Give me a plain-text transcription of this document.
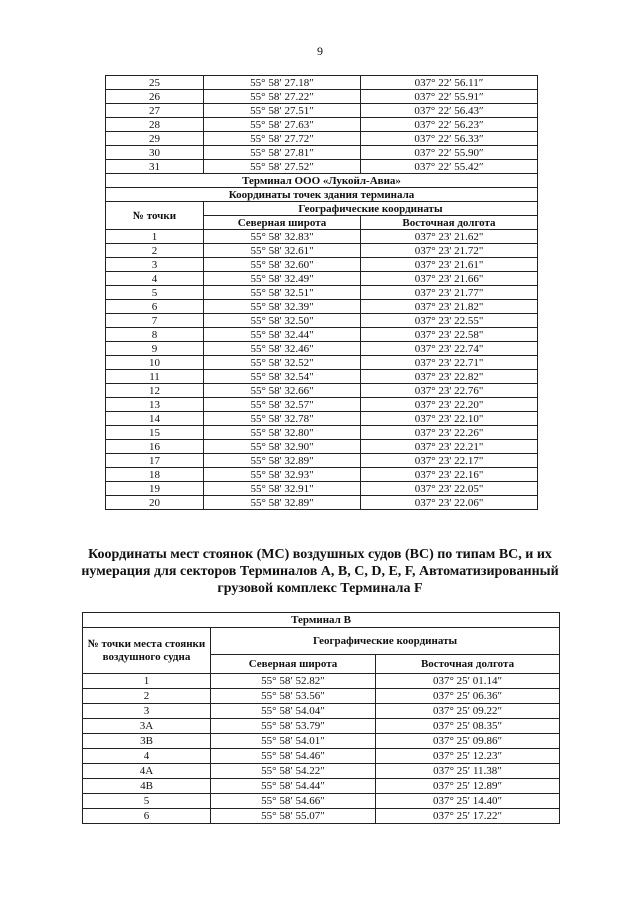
9
25	55° 58′ 27.18″	037° 22′ 56.11″
26	55° 58′ 27.22″	037° 22′ 55.91″
27	55° 58′ 27.51″	037° 22′ 56.43″
28	55° 58′ 27.63″	037° 22′ 56.23″
29	55° 58′ 27.72″	037° 22′ 56.33″
30	55° 58′ 27.81″	037° 22′ 55.90″
31	55° 58′ 27.52″	037° 22′ 55.42″
Терминал ООО «Лукойл-Авиа»		
Координаты точек здания терминала		
№ точки	Географические координаты	
	Северная широта	Восточная долгота
1	55° 58' 32.83"	037° 23' 21.62"
2	55° 58' 32.61"	037° 23' 21.72"
3	55° 58' 32.60"	037° 23' 21.61"
4	55° 58' 32.49"	037° 23' 21.66"
5	55° 58' 32.51"	037° 23' 21.77"
6	55° 58' 32.39"	037° 23' 21.82"
7	55° 58' 32.50"	037° 23' 22.55"
8	55° 58' 32.44"	037° 23' 22.58"
9	55° 58' 32.46"	037° 23' 22.74"
10	55° 58' 32.52"	037° 23' 22.71"
11	55° 58' 32.54"	037° 23' 22.82"
12	55° 58' 32.66"	037° 23' 22.76"
13	55° 58' 32.57"	037° 23' 22.20"
14	55° 58' 32.78"	037° 23' 22.10"
15	55° 58' 32.80"	037° 23' 22.26"
16	55° 58' 32.90"	037° 23' 22.21"
17	55° 58' 32.89"	037° 23' 22.17"
18	55° 58' 32.93"	037° 23' 22.16"
19	55° 58' 32.91"	037° 23' 22.05"
20	55° 58' 32.89"	037° 23' 22.06"
Координаты мест стоянок (МС) воздушных судов (ВС) по типам ВС, и их
нумерация для секторов Терминалов А, В, С, D, E, F, Автоматизированный
грузовой комплекс Терминала F
Терминал В		
№ точки места стоянки воздушного судна	Географические координаты	
	Северная широта	Восточная долгота
1	55° 58′ 52.82″	037° 25′ 01.14″
2	55° 58′ 53.56″	037° 25′ 06.36″
3	55° 58′ 54.04″	037° 25′ 09.22″
3А	55° 58′ 53.79″	037° 25′ 08.35″
3В	55° 58′ 54.01″	037° 25′ 09.86″
4	55° 58′ 54.46″	037° 25′ 12.23″
4А	55° 58′ 54.22″	037° 25′ 11.38″
4В	55° 58′ 54.44″	037° 25′ 12.89″
5	55° 58′ 54.66″	037° 25′ 14.40″
6	55° 58′ 55.07″	037° 25′ 17.22″
